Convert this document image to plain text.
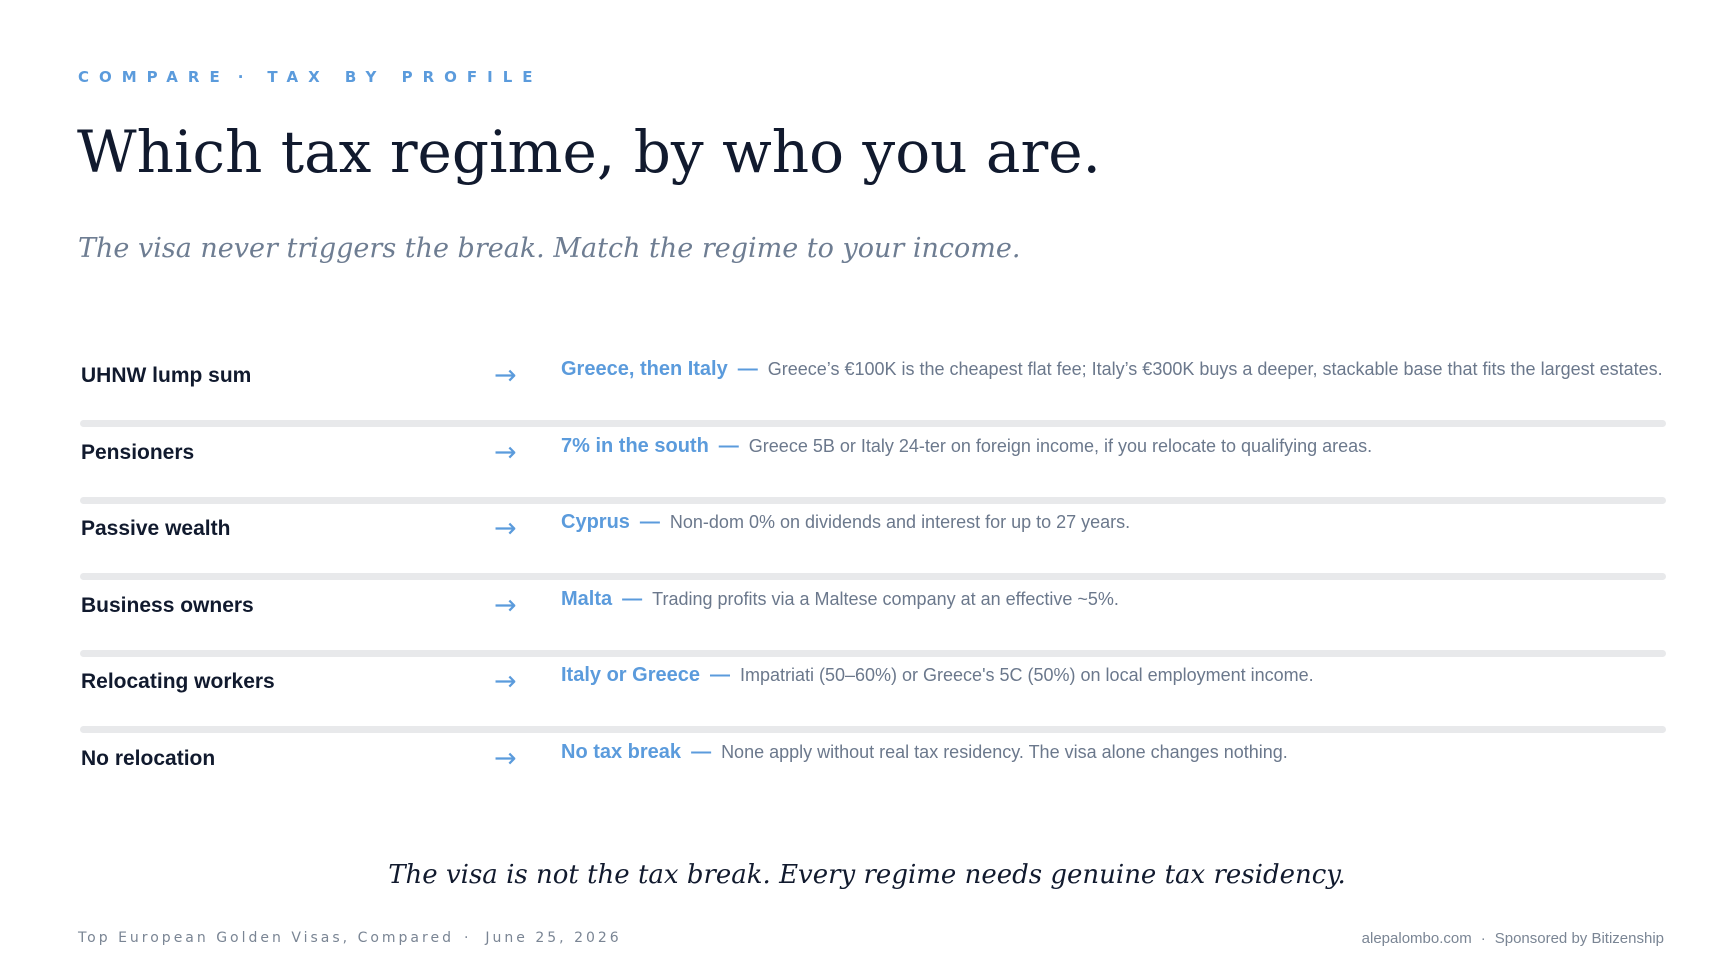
COMPARE · TAX BY PROFILE
Which tax regime, by who you are.
The visa never triggers the break. Match the regime to your income.
UHNW lump sum	→ Greece, then Italy — Greece’s €100K is the cheapest flat fee; Italy’s €300K buys a deeper, stackable base that fits the largest estates.
Pensioners	→ 7% in the south — Greece 5B or Italy 24-ter on foreign income, if you relocate to qualifying areas.
Passive wealth	→ Cyprus — Non-dom 0% on dividends and interest for up to 27 years.
Business owners	→ Malta — Trading profits via a Maltese company at an effective ~5%.
Relocating workers	→ Italy or Greece — Impatriati (50–60%) or Greece's 5C (50%) on local employment income.
No relocation	→ No tax break — None apply without real tax residency. The visa alone changes nothing.
The visa is not the tax break. Every regime needs genuine tax residency.
Top European Golden Visas, Compared · June 25, 2026	alepalombo.com · Sponsored by Bitizenship
